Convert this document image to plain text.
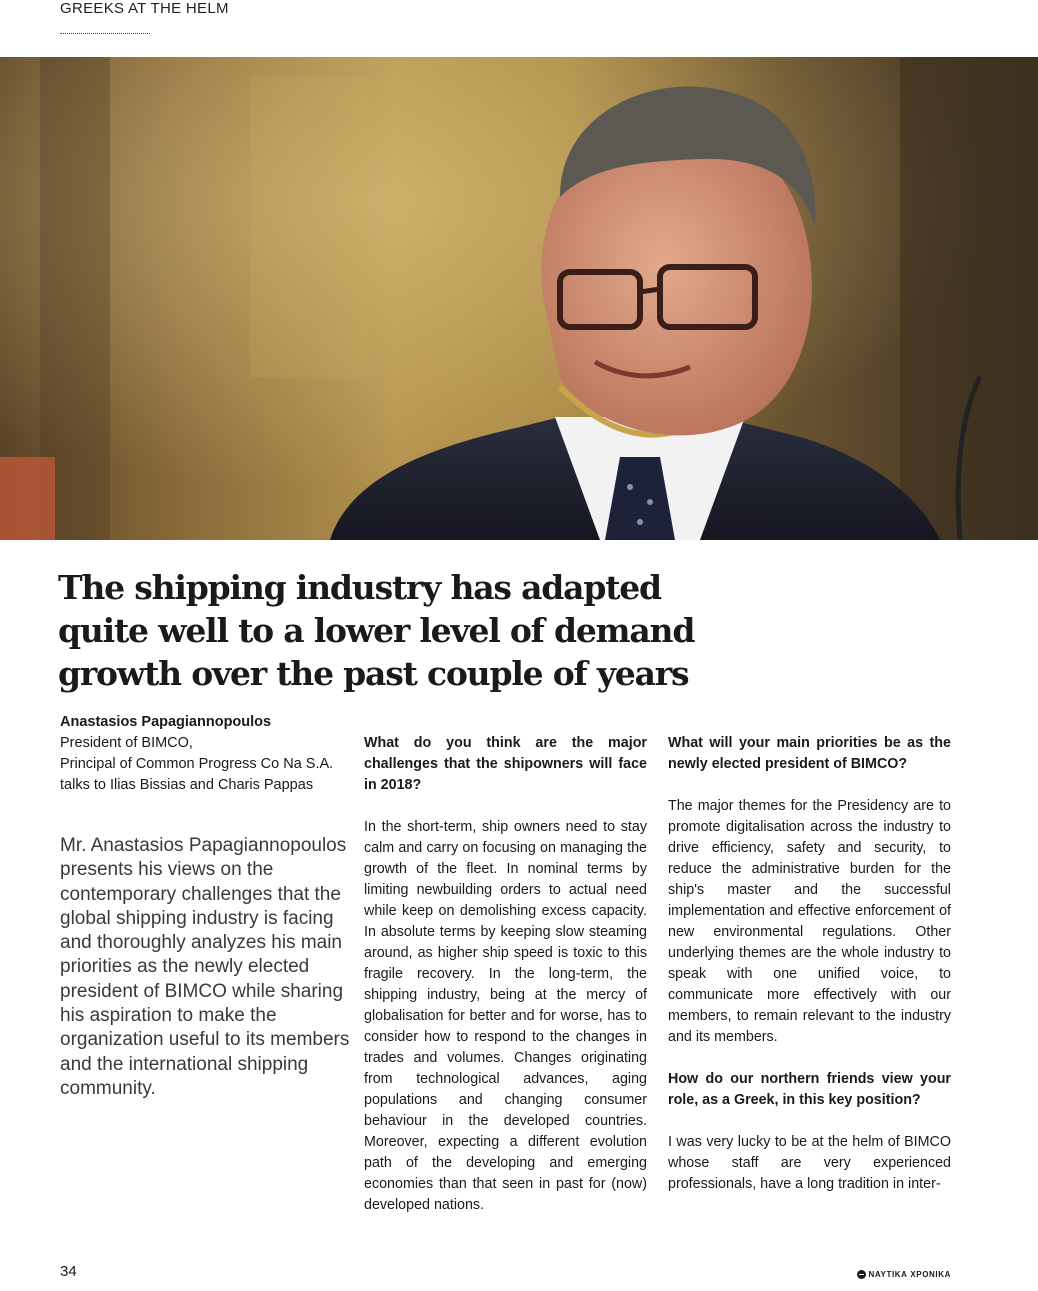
GREEKS AT THE HELM
The shipping industry has adapted quite well to a lower level of demand growth over the past couple of years
Anastasios Papagiannopoulos
President of BIMCO,
Principal of Common Progress Co Na S.A.
talks to Ilias Bissias and Charis Pappas

Mr. Anastasios Papagiannopoulos presents his views on the contemporary challenges that the global shipping industry is facing and thoroughly analyzes his main priorities as the newly elected president of BIMCO while sharing his aspiration to make the organization useful to its members and the international shipping community.

What do you think are the major challenges that the shipowners will face in 2018?

In the short-term, ship owners need to stay calm and carry on focusing on managing the growth of the fleet. In nominal terms by limiting newbuilding orders to actual need while keep on demolishing excess capacity. In absolute terms by keeping slow steaming around, as higher ship speed is toxic to this fragile recovery. In the long-term, the shipping industry, being at the mercy of globalisation for better and for worse, has to consider how to respond to the changes in trades and volumes. Changes originating from technological advances, aging populations and changing consumer behaviour in the developed countries. Moreover, expecting a different evolution path of the developing and emerging economies than that seen in past for (now) developed nations.

What will your main priorities be as the newly elected president of BIMCO?

The major themes for the Presidency are to promote digitalisation across the industry to drive efficiency, safety and security, to reduce the administrative burden for the ship's master and the successful implementation and effective enforcement of new environmental regulations. Other underlying themes are the whole industry to speak with one unified voice, to communicate more effectively with our members, to remain relevant to the industry and its members.

How do our northern friends view your role, as a Greek, in this key position?

I was very lucky to be at the helm of BIMCO whose staff are very experienced professionals, have a long tradition in inter-

34	ΝΑΥΤΙΚΑ ΧΡΟΝΙΚΑ
